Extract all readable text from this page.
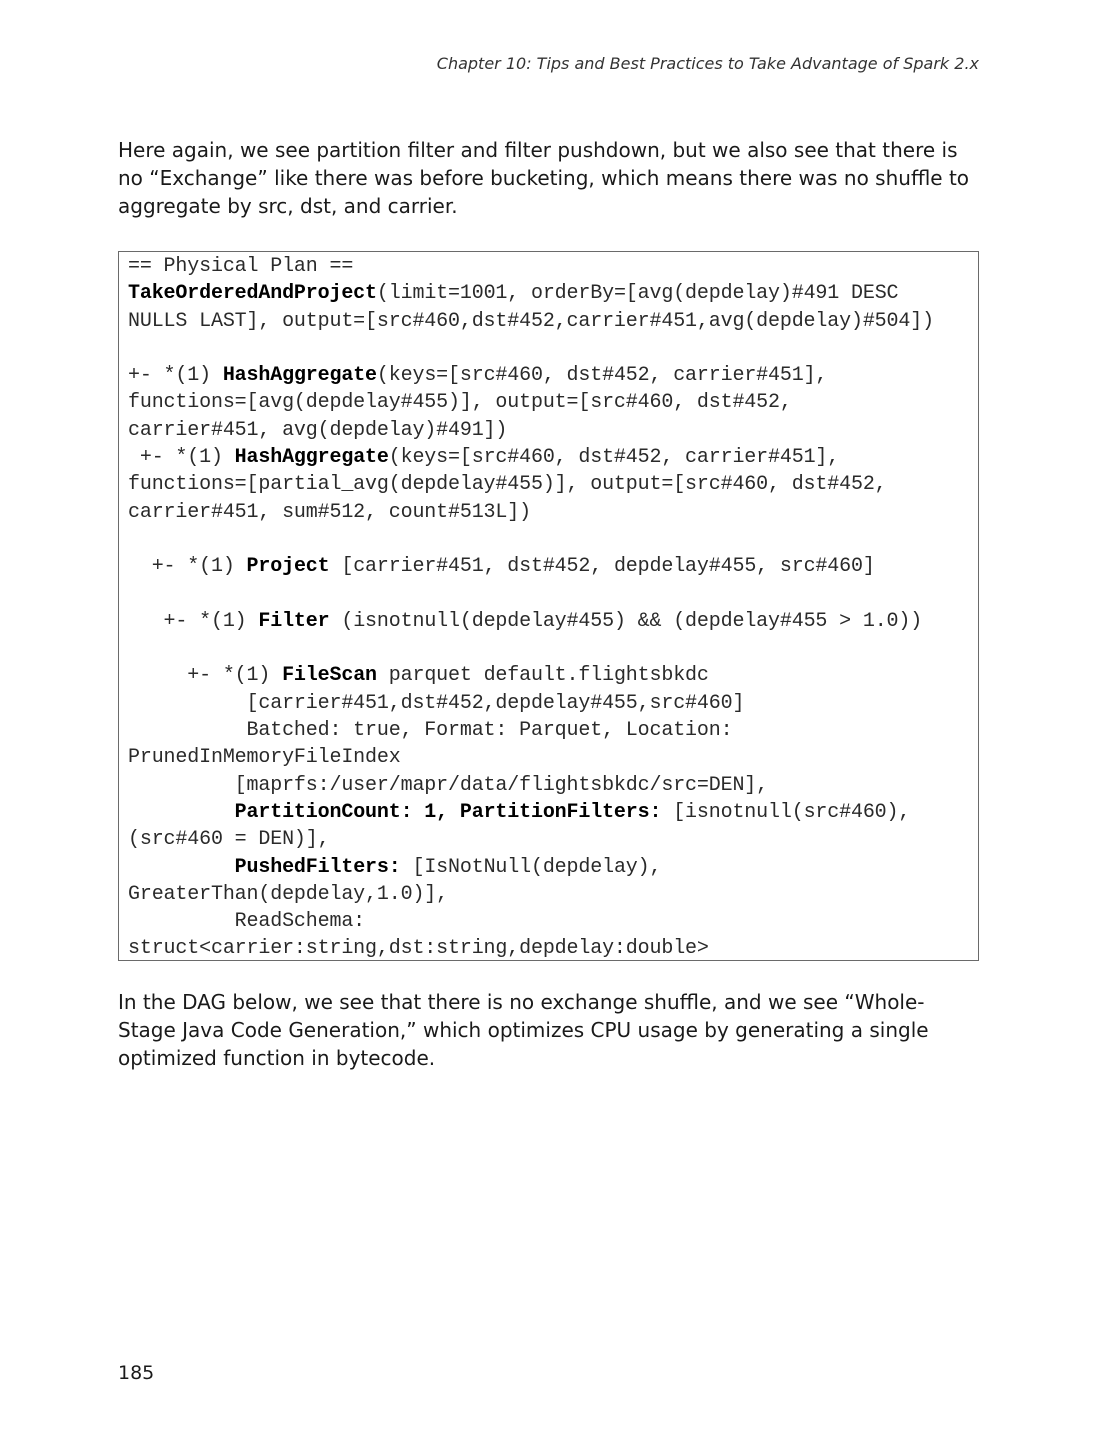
Chapter 10: Tips and Best Practices to Take Advantage of Spark 2.x

Here again, we see partition filter and filter pushdown, but we also see that there is no “Exchange” like there was before bucketing, which means there was no shuffle to aggregate by src, dst, and carrier.

== Physical Plan ==
TakeOrderedAndProject(limit=1001, orderBy=[avg(depdelay)#491 DESC
NULLS LAST], output=[src#460,dst#452,carrier#451,avg(depdelay)#504])
+- *(1) HashAggregate(keys=[src#460, dst#452, carrier#451],
functions=[avg(depdelay#455)], output=[src#460, dst#452,
carrier#451, avg(depdelay)#491])
+- *(1) HashAggregate(keys=[src#460, dst#452, carrier#451],
functions=[partial_avg(depdelay#455)], output=[src#460, dst#452,
carrier#451, sum#512, count#513L])
+- *(1) Project [carrier#451, dst#452, depdelay#455, src#460]
+- *(1) Filter (isnotnull(depdelay#455) && (depdelay#455 > 1.0))
+- *(1) FileScan parquet default.flightsbkdc
[carrier#451,dst#452,depdelay#455,src#460]
Batched: true, Format: Parquet, Location:
PrunedInMemoryFileIndex
[maprfs:/user/mapr/data/flightsbkdc/src=DEN],
PartitionCount: 1, PartitionFilters: [isnotnull(src#460),
(src#460 = DEN)],
PushedFilters: [IsNotNull(depdelay),
GreaterThan(depdelay,1.0)],
ReadSchema:
struct<carrier:string,dst:string,depdelay:double>

In the DAG below, we see that there is no exchange shuffle, and we see “Whole-Stage Java Code Generation,” which optimizes CPU usage by generating a single optimized function in bytecode.

185
